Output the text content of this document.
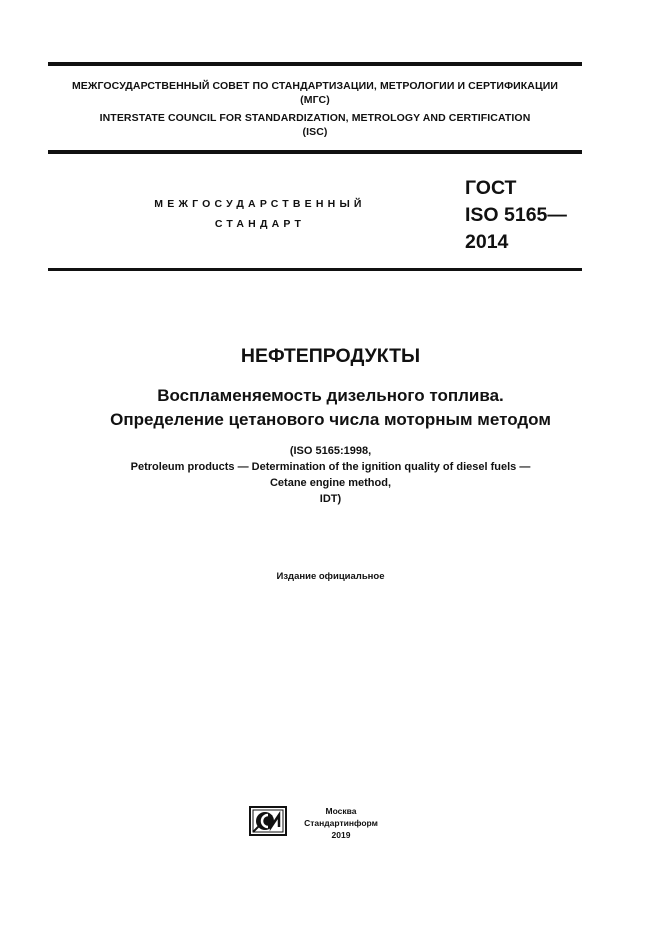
МЕЖГОСУДАРСТВЕННЫЙ СОВЕТ ПО СТАНДАРТИЗАЦИИ, МЕТРОЛОГИИ И СЕРТИФИКАЦИИ
(МГС)
INTERSTATE COUNCIL FOR STANDARDIZATION, METROLOGY AND CERTIFICATION
(ISC)
МЕЖГОСУДАРСТВЕННЫЙ
СТАНДАРТ
ГОСТ
ISO 5165—
2014
НЕФТЕПРОДУКТЫ
Воспламеняемость дизельного топлива.
Определение цетанового числа моторным методом
(ISO 5165:1998,
Petroleum products — Determination of the ignition quality of diesel fuels —
Cetane engine method,
IDT)
Издание официальное
Москва
Стандартинформ
2019
